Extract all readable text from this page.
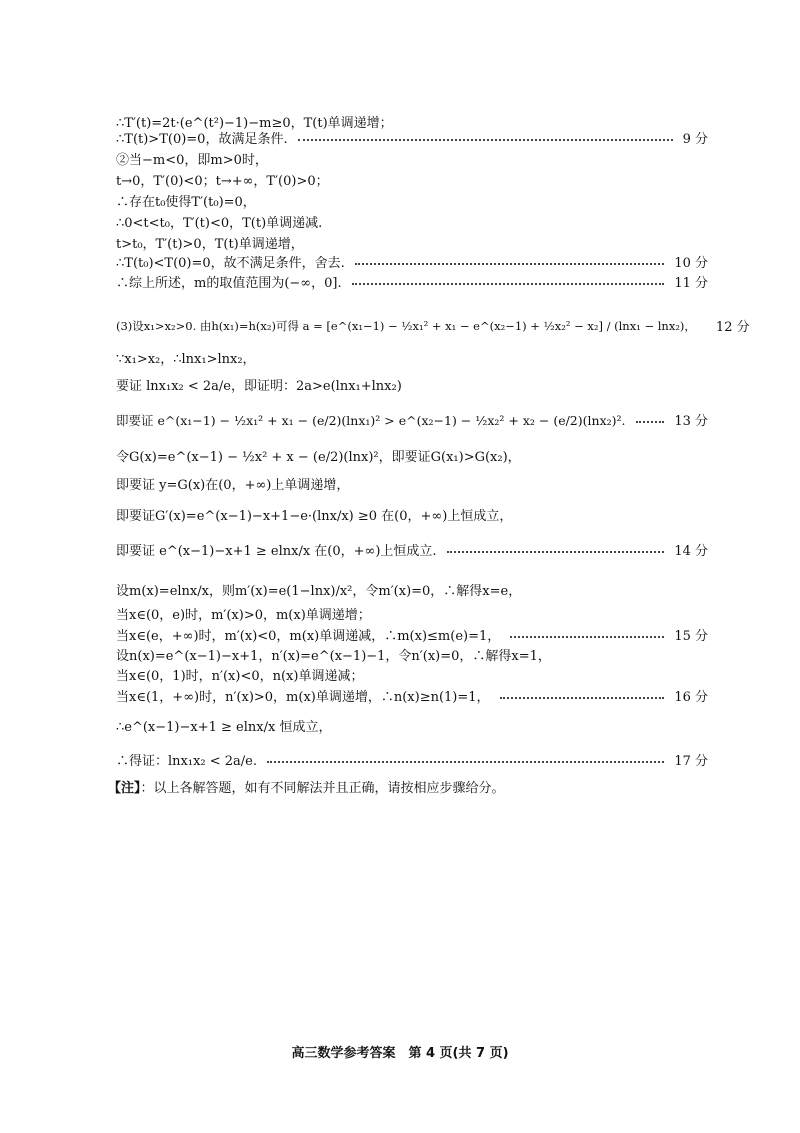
∴T′(t)=2t·(e^(t²)−1)−m≥0，T(t)单调递增；
∴T(t)>T(0)=0，故满足条件.	9 分
②当−m<0，即m>0时，
t→0，T′(0)<0；t→+∞，T′(0)>0；
∴存在t₀使得T′(t₀)=0，
∴0<t<t₀，T′(t)<0，T(t)单调递减.
t>t₀，T′(t)>0，T(t)单调递增，
∴T(t₀)<T(0)=0，故不满足条件，舍去.	10 分
∴综上所述，m的取值范围为(−∞，0].	11 分
(3)设x₁>x₂>0. 由h(x₁)=h(x₂)可得 a = [e^(x₁−1) − ½x₁² + x₁ − e^(x₂−1) + ½x₂² − x₂] / (lnx₁ − lnx₂)， 12 分
∵x₁>x₂，∴lnx₁>lnx₂，
要证 lnx₁x₂ < 2a/e，即证明：2a>e(lnx₁+lnx₂)
即要证 e^(x₁−1) − ½x₁² + x₁ − (e/2)(lnx₁)² > e^(x₂−1) − ½x₂² + x₂ − (e/2)(lnx₂)².	13 分
令G(x)=e^(x−1) − ½x² + x − (e/2)(lnx)²，即要证G(x₁)>G(x₂)，
即要证 y=G(x)在(0，+∞)上单调递增，
即要证G′(x)=e^(x−1)−x+1−e·(lnx/x) ≥0 在(0，+∞)上恒成立，
即要证 e^(x−1)−x+1 ≥ elnx/x 在(0，+∞)上恒成立.	14 分
设m(x)=elnx/x，则m′(x)=e(1−lnx)/x²，令m′(x)=0，∴解得x=e，
当x∈(0，e)时，m′(x)>0，m(x)单调递增；
当x∈(e，+∞)时，m′(x)<0，m(x)单调递减，∴m(x)≤m(e)=1，	15 分
设n(x)=e^(x−1)−x+1，n′(x)=e^(x−1)−1，令n′(x)=0，∴解得x=1，
当x∈(0，1)时，n′(x)<0，n(x)单调递减；
当x∈(1，+∞)时，n′(x)>0，m(x)单调递增，∴n(x)≥n(1)=1，	16 分
∴e^(x−1)−x+1 ≥ elnx/x 恒成立，
∴得证：lnx₁x₂ < 2a/e.	17 分
【注】：以上各解答题，如有不同解法并且正确，请按相应步骤给分。
高三数学参考答案　第 4 页(共 7 页)
